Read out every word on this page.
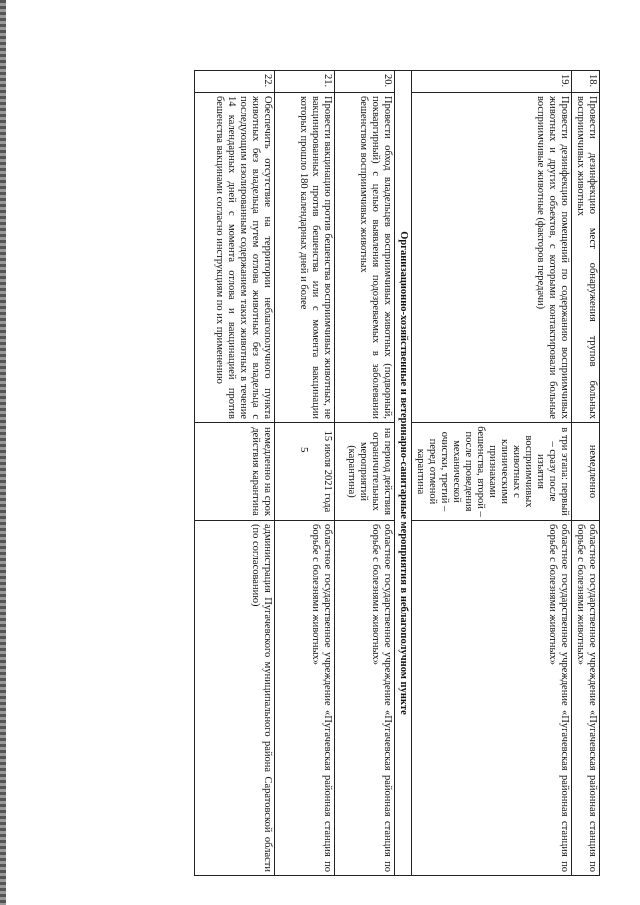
5
18.	Провести дезинфекцию мест обнаружения трупов больных восприимчивых животных	немедленно	областное государственное учреждение «Пугачевская районная станция по борьбе с болезнями животных»
19.	Провести дезинфекцию помещений по содержанию восприимчивых животных и других объектов, с которыми контактировали больные восприимчивые животные (факторов передачи)	в три этапа: первый – сразу после изъятия восприимчивых животных с клиническими признаками бешенства, второй – после проведения механической очистки, третий – перед отменой карантина	областное государственное учреждение «Пугачевская районная станция по борьбе с болезнями животных»
Организационно-хозяйственные и ветеринарно-санитарные мероприятия в неблагополучном пункте			
20.	Провести обход владельцев восприимчивых животных (подворный, покваргирный) с целью выявления подозреваемых в заболевании бешенством восприимчивых животных	на период действия ограничительных мероприятий (карантина)	областное государственное учреждение «Пугачевская районная станция по борьбе с болезнями животных»
21.	Провести вакцинацию против бешенства восприимчивых животных, не вакцинированных против бешенства или с момента вакцинации которых прошло 180 календарных дней и более	15 июля 2021 года	областное государственное учреждение «Пугачевская районная станция по борьбе с болезнями животных»
22.	Обеспечить отсутствие на территории неблагополучного пункта животных без владельца путем отлова животных без владельца с последующим изолированным содержанием таких животных в течение 14 календарных дней с момента отлова и вакцинацией против бешенства вакцинами согласно инструкциям по их применению	немедленно на срок действия карантина	администрация Пугачевского муниципального района Саратовской области (по согласованию)
